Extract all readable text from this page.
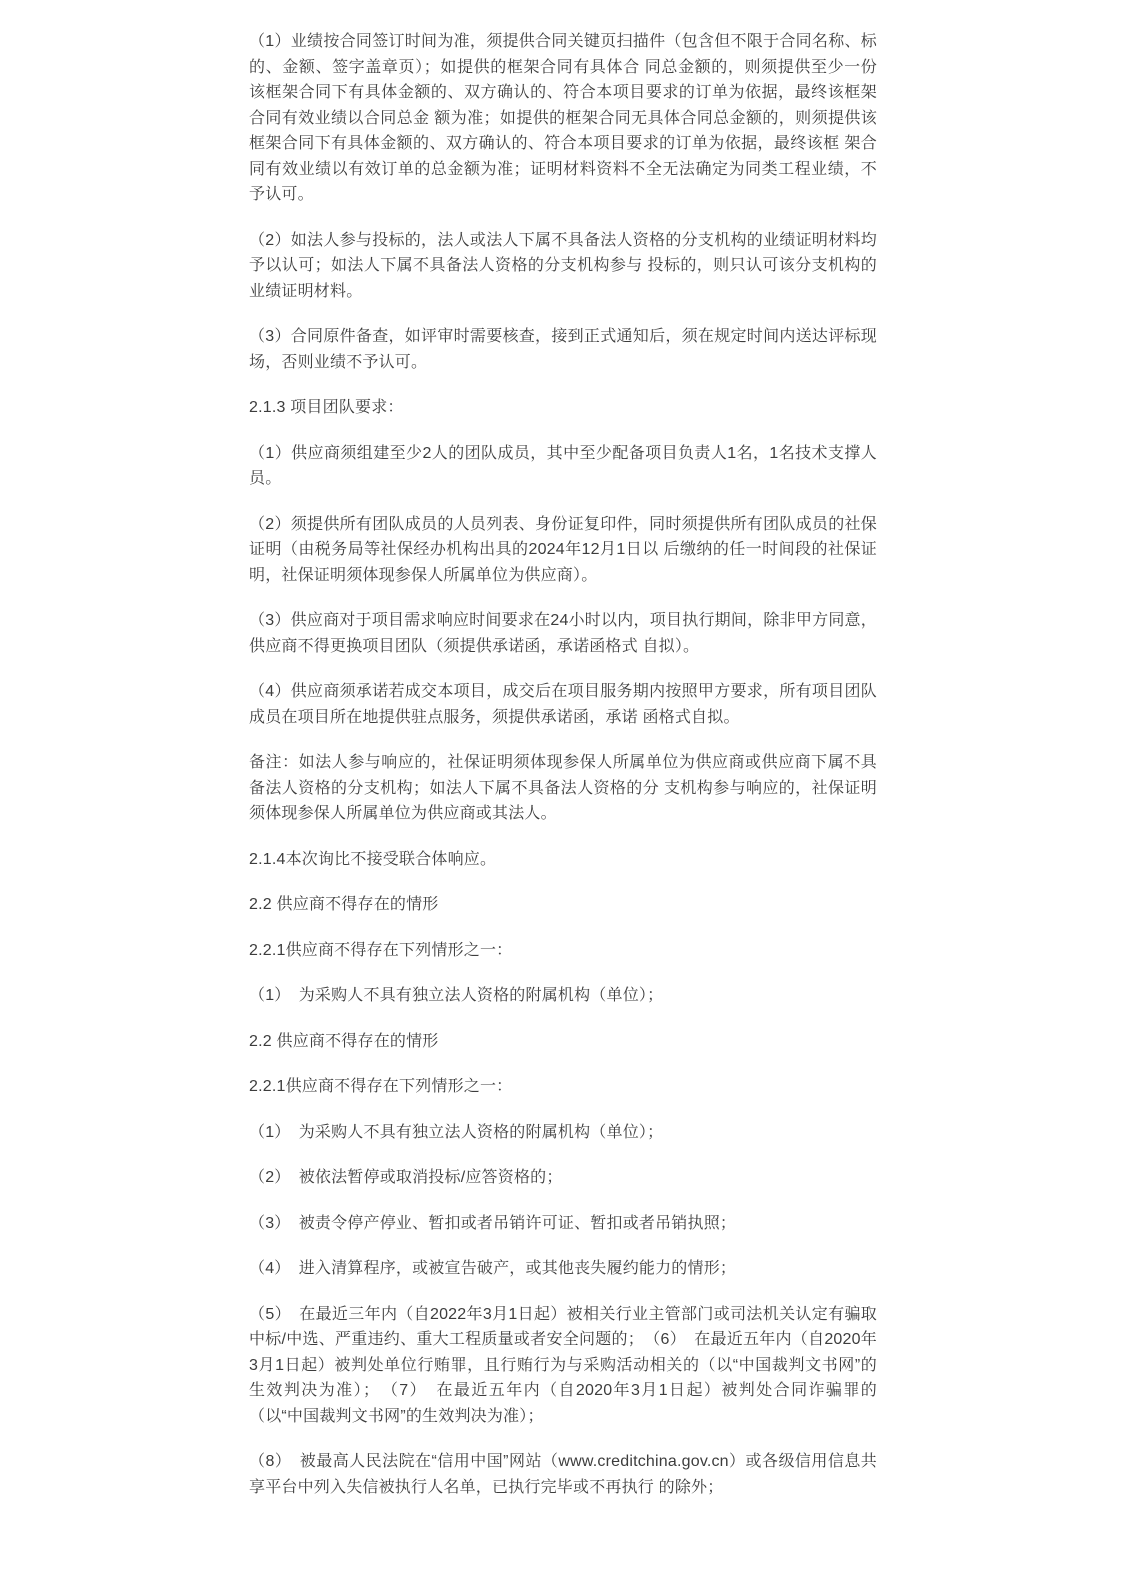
（1）业绩按合同签订时间为准，须提供合同关键页扫描件（包含但不限于合同名称、标的、金额、签字盖章页）；如提供的框架合同有具体合 同总金额的，则须提供至少一份该框架合同下有具体金额的、双方确认的、符合本项目要求的订单为依据，最终该框架合同有效业绩以合同总金 额为准；如提供的框架合同无具体合同总金额的，则须提供该框架合同下有具体金额的、双方确认的、符合本项目要求的订单为依据，最终该框 架合同有效业绩以有效订单的总金额为准；证明材料资料不全无法确定为同类工程业绩，不予认可。

（2）如法人参与投标的，法人或法人下属不具备法人资格的分支机构的业绩证明材料均予以认可；如法人下属不具备法人资格的分支机构参与 投标的，则只认可该分支机构的业绩证明材料。

（3）合同原件备查，如评审时需要核查，接到正式通知后，须在规定时间内送达评标现场，否则业绩不予认可。

2.1.3 项目团队要求：

（1）供应商须组建至少2人的团队成员，其中至少配备项目负责人1名，1名技术支撑人员。

（2）须提供所有团队成员的人员列表、身份证复印件，同时须提供所有团队成员的社保证明（由税务局等社保经办机构出具的2024年12月1日以 后缴纳的任一时间段的社保证明，社保证明须体现参保人所属单位为供应商）。

（3）供应商对于项目需求响应时间要求在24小时以内，项目执行期间，除非甲方同意，供应商不得更换项目团队（须提供承诺函，承诺函格式 自拟）。

（4）供应商须承诺若成交本项目，成交后在项目服务期内按照甲方要求，所有项目团队成员在项目所在地提供驻点服务，须提供承诺函，承诺 函格式自拟。

备注：如法人参与响应的，社保证明须体现参保人所属单位为供应商或供应商下属不具备法人资格的分支机构；如法人下属不具备法人资格的分 支机构参与响应的，社保证明须体现参保人所属单位为供应商或其法人。

2.1.4本次询比不接受联合体响应。

2.2 供应商不得存在的情形

2.2.1供应商不得存在下列情形之一：

（1）　为采购人不具有独立法人资格的附属机构（单位）；

2.2 供应商不得存在的情形

2.2.1供应商不得存在下列情形之一：

（1）　为采购人不具有独立法人资格的附属机构（单位）；

（2）　被依法暂停或取消投标/应答资格的；

（3）　被责令停产停业、暂扣或者吊销许可证、暂扣或者吊销执照；

（4）　进入清算程序，或被宣告破产，或其他丧失履约能力的情形；

（5）　在最近三年内（自2022年3月1日起）被相关行业主管部门或司法机关认定有骗取中标/中选、严重违约、重大工程质量或者安全问题的；　（6）　在最近五年内（自2020年3月1日起）被判处单位行贿罪，且行贿行为与采购活动相关的（以“中国裁判文书网”的生效判决为准）；　（7）　在最近五年内（自2020年3月1日起）被判处合同诈骗罪的（以“中国裁判文书网”的生效判决为准）；

（8）　被最高人民法院在“信用中国”网站（www.creditchina.gov.cn）或各级信用信息共享平台中列入失信被执行人名单，已执行完毕或不再执行 的除外；
